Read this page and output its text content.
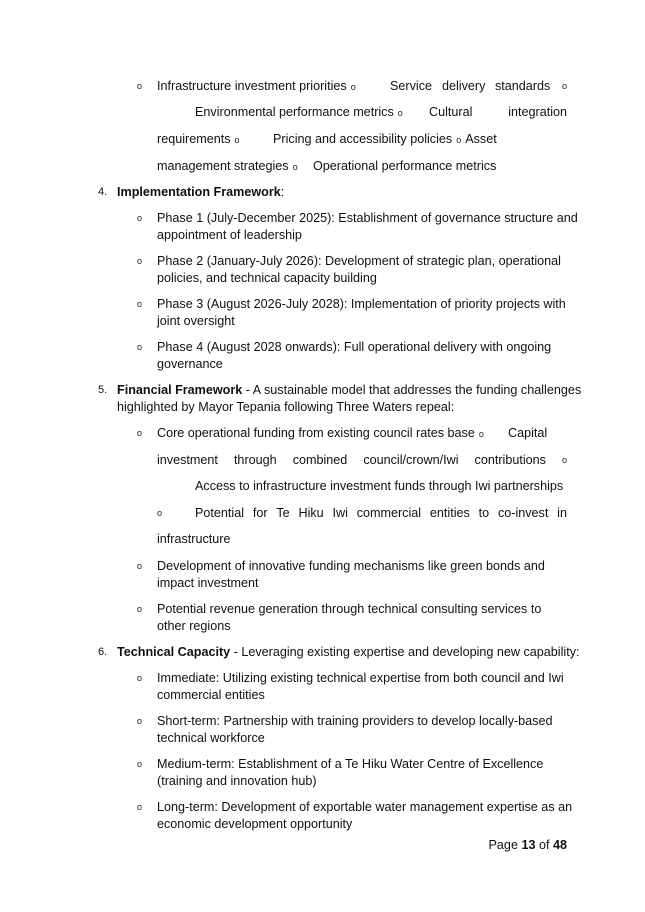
o Infrastructure investment priorities o	Service delivery standards o
Environmental performance metrics o Cultural	integration
requirements o	Pricing and accessibility policies o Asset
management strategies o Operational performance metrics
4. Implementation Framework:
o Phase 1 (July-December 2025): Establishment of governance structure and
appointment of leadership
o Phase 2 (January-July 2026): Development of strategic plan, operational
policies, and technical capacity building
o Phase 3 (August 2026-July 2028): Implementation of priority projects with
joint oversight
o Phase 4 (August 2028 onwards): Full operational delivery with ongoing
governance
5. Financial Framework - A sustainable model that addresses the funding challenges
highlighted by Mayor Tepania following Three Waters repeal:
o Core operational funding from existing council rates base o Capital
investment through combined council/crown/Iwi contributions o
Access to infrastructure investment funds through Iwi partnerships
o	Potential for Te Hiku Iwi commercial entities to co-invest in
infrastructure
o Development of innovative funding mechanisms like green bonds and
impact investment
o Potential revenue generation through technical consulting services to
other regions
6. Technical Capacity - Leveraging existing expertise and developing new capability:
o Immediate: Utilizing existing technical expertise from both council and Iwi
commercial entities
o Short-term: Partnership with training providers to develop locally-based
technical workforce
o Medium-term: Establishment of a Te Hiku Water Centre of Excellence
(training and innovation hub)
o Long-term: Development of exportable water management expertise as an
economic development opportunity
Page 13 of 48
